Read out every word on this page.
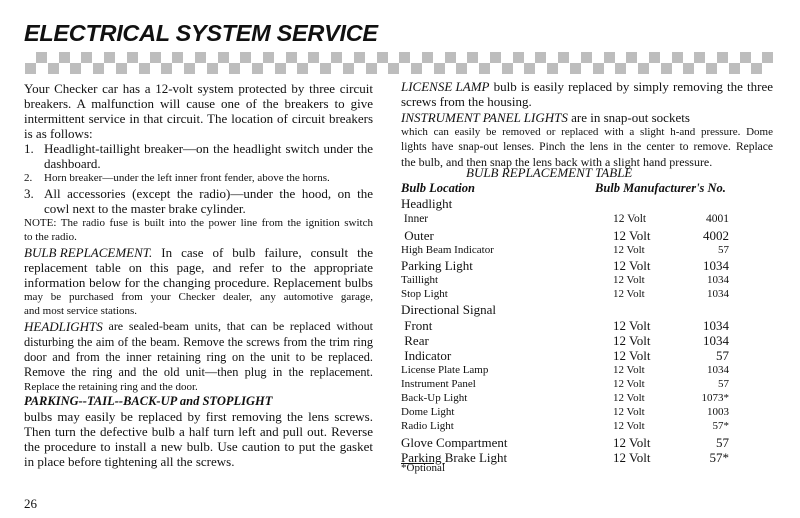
ELECTRICAL SYSTEM SERVICE
Your Checker car has a 12-volt system protected by three circuit
breakers. A malfunction will cause one of the breakers to give
intermittent service in that circuit. The location of circuit breakers
is as follows:
1. Headlight-taillight breaker—on the headlight switch under the
dashboard.
2. Horn breaker—under the left inner front fender, above the horns.
3. All accessories (except the radio)—under the hood, on the
cowl next to the master brake cylinder.
NOTE: The radio fuse is built into the power line from the ignition switch
to the radio.
BULB REPLACEMENT. In case of bulb failure, consult the
replacement table on this page, and refer to the appropriate
information below for the changing procedure. Replacement bulbs
may be purchased from your Checker dealer, any automotive garage,
and most service stations.
HEADLIGHTS are sealed-beam units, that can be replaced without
disturbing the aim of the beam. Remove the screws from the trim ring
door and from the inner retaining ring on the unit to be replaced.
Remove the ring and the old unit—then plug in the replacement.
Replace the retaining ring and the door.
PARKING--TAIL--BACK-UP and STOPLIGHT
bulbs may easily be replaced by first removing the lens screws.
Then turn the defective bulb a half turn left and pull out. Reverse
the procedure to install a new bulb. Use caution to put the gasket
in place before tightening all the screws.
LICENSE LAMP bulb is easily replaced by simply removing the three
screws from the housing.
INSTRUMENT PANEL LIGHTS are in snap-out sockets
which can easily be removed or replaced with a slight h-and pressure. Dome
lights have snap-out lenses. Pinch the lens in the center to remove. Replace
the bulb, and then snap the lens back with a slight hand pressure.
BULB REPLACEMENT TABLE
Bulb Location	Bulb Manufacturer's No.
Headlight
Inner	12 Volt	4001
Outer	12 Volt	4002
High Beam Indicator	12 Volt	57
Parking Light	12 Volt	1034
Taillight	12 Volt	1034
Stop Light	12 Volt	1034
Directional Signal
Front	12 Volt	1034
Rear	12 Volt	1034
Indicator	12 Volt	57
License Plate Lamp	12 Volt	1034
Instrument Panel	12 Volt	57
Back-Up Light	12 Volt	1073*
Dome Light	12 Volt	1003
Radio Light	12 Volt	57*
Glove Compartment	12 Volt	57
Parking Brake Light	12 Volt	57*
*Optional
26
